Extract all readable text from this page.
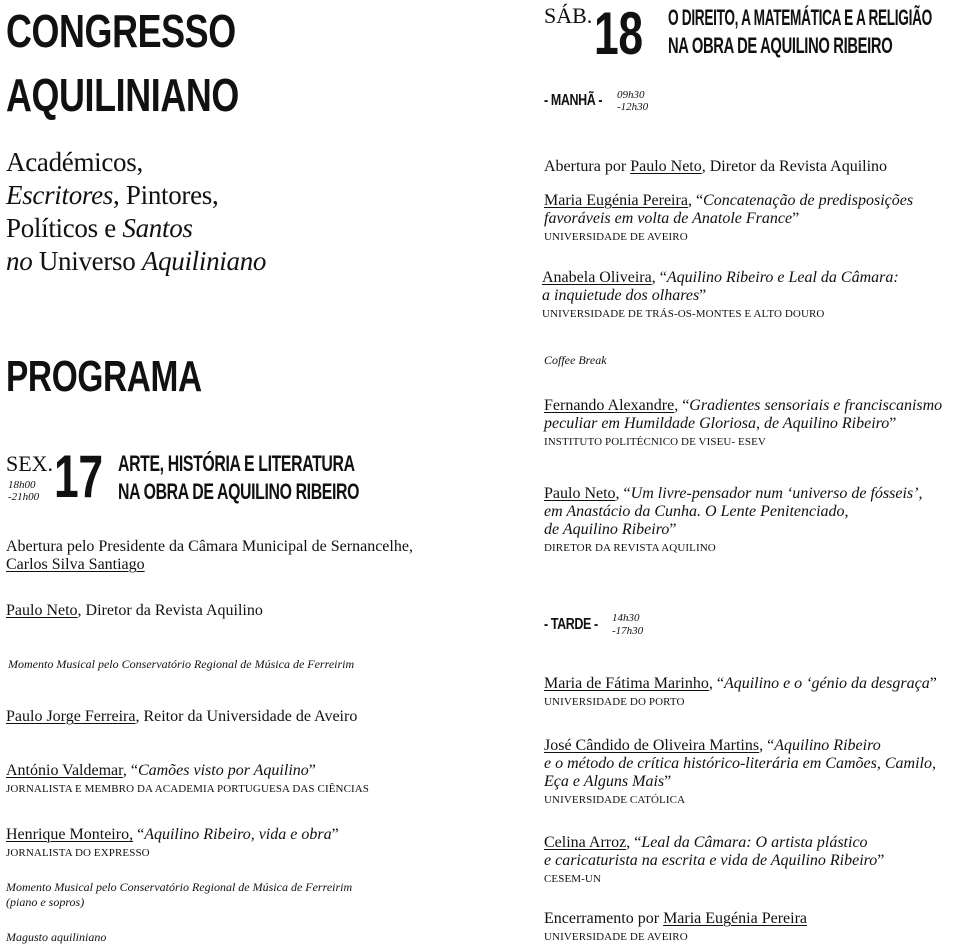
CONGRESSO
AQUILINIANO
Académicos,
Escritores, Pintores,
Políticos e Santos
no Universo Aquiliniano
PROGRAMA
SEX.
18h00
-21h00 17 ARTE, HISTÓRIA E LITERATURA
NA OBRA DE AQUILINO RIBEIRO
Abertura pelo Presidente da Câmara Municipal de Sernancelhe,
Carlos Silva Santiago
Paulo Neto, Diretor da Revista Aquilino
Momento Musical pelo Conservatório Regional de Música de Ferreirim
Paulo Jorge Ferreira, Reitor da Universidade de Aveiro
António Valdemar, “Camões visto por Aquilino”
JORNALISTA E MEMBRO DA ACADEMIA PORTUGUESA DAS CIÊNCIAS
Henrique Monteiro, “Aquilino Ribeiro, vida e obra”
JORNALISTA DO EXPRESSO
Momento Musical pelo Conservatório Regional de Música de Ferreirim
(piano e sopros)
Magusto aquiliniano
SÁB. 18 O DIREITO, A MATEMÁTICA E A RELIGIÃO
NA OBRA DE AQUILINO RIBEIRO
- MANHÃ - 09h30
-12h30
Abertura por Paulo Neto, Diretor da Revista Aquilino
Maria Eugénia Pereira, “Concatenação de predisposições
favoráveis em volta de Anatole France”
UNIVERSIDADE DE AVEIRO
Anabela Oliveira, “Aquilino Ribeiro e Leal da Câmara:
a inquietude dos olhares”
UNIVERSIDADE DE TRÁS-OS-MONTES E ALTO DOURO
Coffee Break
Fernando Alexandre, “Gradientes sensoriais e franciscanismo
peculiar em Humildade Gloriosa, de Aquilino Ribeiro”
INSTITUTO POLITÉCNICO DE VISEU- ESEV
Paulo Neto, “Um livre-pensador num ‘universo de fósseis’,
em Anastácio da Cunha. O Lente Penitenciado,
de Aquilino Ribeiro”
DIRETOR DA REVISTA AQUILINO
- TARDE - 14h30
-17h30
Maria de Fátima Marinho, “Aquilino e o ‘génio da desgraça”
UNIVERSIDADE DO PORTO
José Cândido de Oliveira Martins, “Aquilino Ribeiro
e o método de crítica histórico-literária em Camões, Camilo,
Eça e Alguns Mais”
UNIVERSIDADE CATÓLICA
Celina Arroz, “Leal da Câmara: O artista plástico
e caricaturista na escrita e vida de Aquilino Ribeiro”
CESEM-UN
Encerramento por Maria Eugénia Pereira
UNIVERSIDADE DE AVEIRO
